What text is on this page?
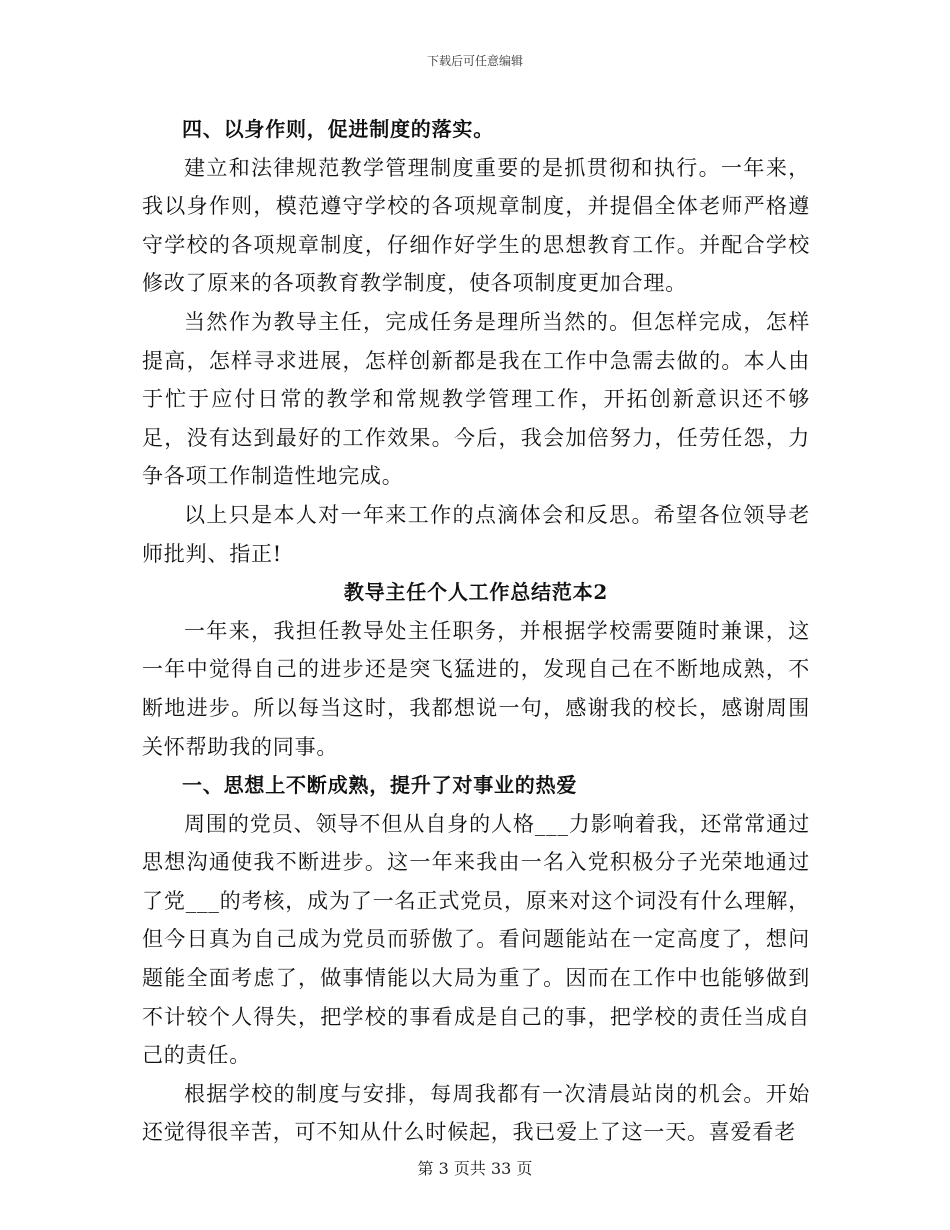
下载后可任意编辑

四、以身作则，促进制度的落实。

建立和法律规范教学管理制度重要的是抓贯彻和执行。一年来，我以身作则，模范遵守学校的各项规章制度，并提倡全体老师严格遵守学校的各项规章制度，仔细作好学生的思想教育工作。并配合学校修改了原来的各项教育教学制度，使各项制度更加合理。

当然作为教导主任，完成任务是理所当然的。但怎样完成，怎样提高，怎样寻求进展，怎样创新都是我在工作中急需去做的。本人由于忙于应付日常的教学和常规教学管理工作，开拓创新意识还不够足，没有达到最好的工作效果。今后，我会加倍努力，任劳任怨，力争各项工作制造性地完成。

以上只是本人对一年来工作的点滴体会和反思。希望各位领导老师批判、指正!

教导主任个人工作总结范本2

一年来，我担任教导处主任职务，并根据学校需要随时兼课，这一年中觉得自己的进步还是突飞猛进的，发现自己在不断地成熟，不断地进步。所以每当这时，我都想说一句，感谢我的校长，感谢周围关怀帮助我的同事。

一、思想上不断成熟，提升了对事业的热爱

周围的党员、领导不但从自身的人格___力影响着我，还常常通过思想沟通使我不断进步。这一年来我由一名入党积极分子光荣地通过了党___的考核，成为了一名正式党员，原来对这个词没有什么理解，但今日真为自己成为党员而骄傲了。看问题能站在一定高度了，想问题能全面考虑了，做事情能以大局为重了。因而在工作中也能够做到不计较个人得失，把学校的事看成是自己的事，把学校的责任当成自己的责任。

根据学校的制度与安排，每周我都有一次清晨站岗的机会。开始还觉得很辛苦，可不知从什么时候起，我已爱上了这一天。喜爱看老

第 3 页共 33 页
